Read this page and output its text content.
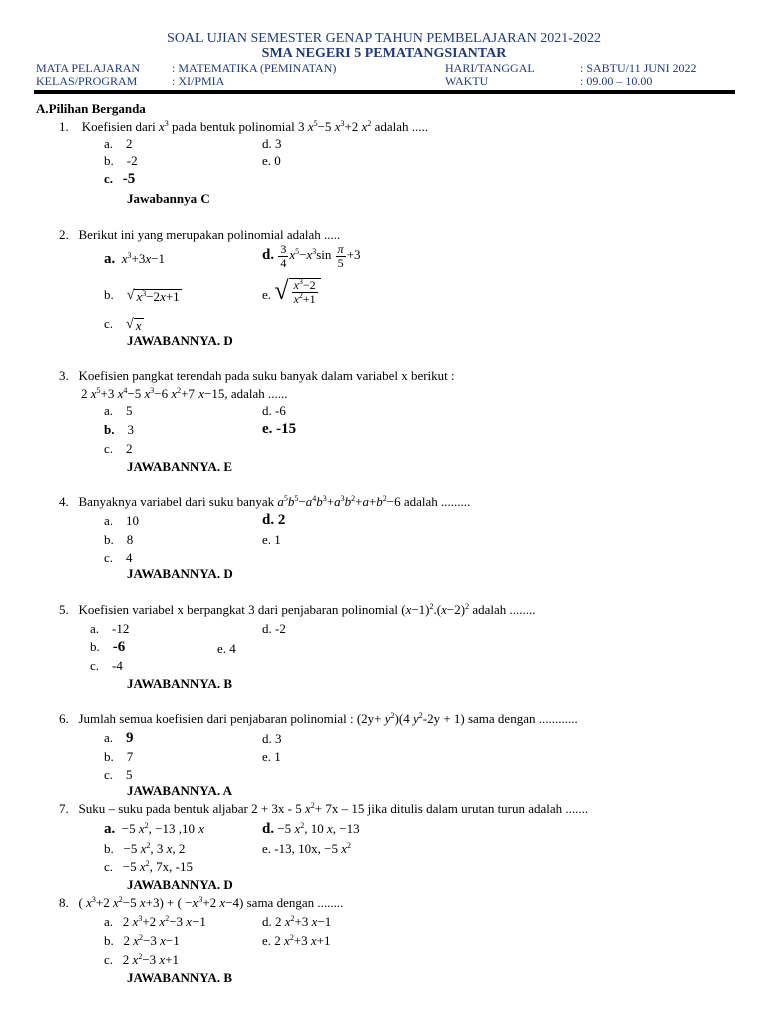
SOAL UJIAN SEMESTER GENAP TAHUN PEMBELAJARAN 2021-2022
SMA NEGERI 5 PEMATANGSIANTAR
MATA PELAJARAN	: MATEMATIKA (PEMINATAN)	HARI/TANGGAL	: SABTU/11 JUNI 2022
KELAS/PROGRAM	: XI/PMIA	WAKTU	: 09.00 – 10.00
A.Pilihan Berganda
1. Koefisien dari $x^3$ pada bentuk polinomial 3 $x^5-5$ $x^3+2$ $x^2$ adalah .....
a. 2	d. 3
b. -2	e. 0
c. -5
Jawabannya C
2. Berikut ini yang merupakan polinomial adalah .....
a. $x^3+3x-1$	d. $\frac{3}{4} x^5-x^3\sin \frac{\pi}{5} +3$
b. √ $x^3-2x+1$	e. √ $\frac{x^3-2}{x^2+1}$
c. √ x
JAWABANNYA. D
3. Koefisien pangkat terendah pada suku banyak dalam variabel x berikut :
2 $x^5+3$ $x^4-5$ $x^3-6$ $x^2+7$ x−15, adalah ......
a. 5	d. -6
b. 3	e. -15
c. 2
JAWABANNYA. E
4. Banyaknya variabel dari suku banyak $a^5b^5-a^4b^3+a^3b^2+a+b^2-6$ adalah .........
a. 10	d. 2
b. 8	e. 1
c. 4
JAWABANNYA. D
5. Koefisien variabel x berpangkat 3 dari penjabaran polinomial $(x-1)^2.(x-2)^2$ adalah ........
a. -12	d. -2
b. -6	e. 4
c. -4
JAWABANNYA. B
6. Jumlah semua koefisien dari penjabaran polinomial : $(2y+ y^2)(4$ $y^2-2y + 1$) sama dengan ............
a. 9	d. 3
b. 7	e. 1
c. 5
JAWABANNYA. A
7. Suku – suku pada bentuk aljabar 2 + 3x - 5 $x^2+ 7x - 15$ jika ditulis dalam urutan turun adalah .......
a.  −5 $x^2$, −13 ,10 x	d. −5 $x^2$, 10 x, −13
b.   −5 $x^2$, 3 x, 2	e. -13, 10x, −5 $x^2$
c.   −5 $x^2$, 7x, -15
JAWABANNYA. D
8.   ( $x^3+2$ $x^2-5$ x+3) + ( $-x^3+2$ x−4) sama dengan ........
a.   2 $x^3+2$ $x^2-3$ x−1	d. 2 $x^2+3$ x−1
b.   2 $x^2-3$ x−1	e. 2 $x^2+3$ x+1
c.   2 $x^2-3$ x+1
JAWABANNYA. B
